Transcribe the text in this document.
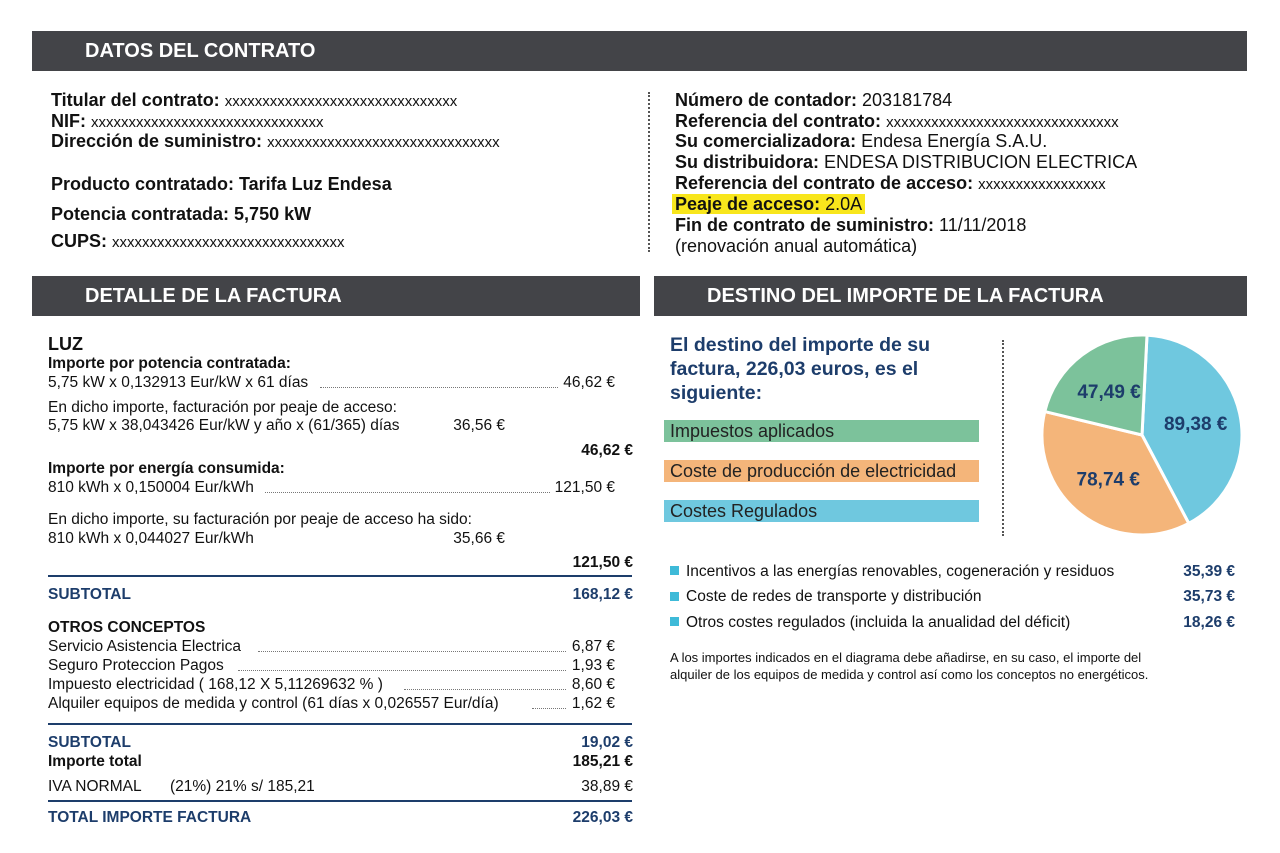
DATOS DEL CONTRATO
Titular del contrato: xxxxxxxxxxxxxxxxxxxxxxxxxxxxxxx
NIF: xxxxxxxxxxxxxxxxxxxxxxxxxxxxxxx
Dirección de suministro: xxxxxxxxxxxxxxxxxxxxxxxxxxxxxxx
Producto contratado: Tarifa Luz Endesa
Potencia contratada: 5,750 kW
CUPS: xxxxxxxxxxxxxxxxxxxxxxxxxxxxxxx
Número de contador: 203181784
Referencia del contrato: xxxxxxxxxxxxxxxxxxxxxxxxxxxxxxx
Su comercializadora: Endesa Energía S.A.U.
Su distribuidora: ENDESA DISTRIBUCION ELECTRICA
Referencia del contrato de acceso: xxxxxxxxxxxxxxxxx
Peaje de acceso: 2.0A
Fin de contrato de suministro: 11/11/2018
(renovación anual automática)
DETALLE DE LA FACTURA
LUZ
Importe por potencia contratada:
5,75 kW x 0,132913 Eur/kW x 61 días	46,62 €
En dicho importe, facturación por peaje de acceso:
5,75 kW x 38,043426 Eur/kW y año x (61/365) días	36,56 €
46,62 €
Importe por energía consumida:
810 kWh x 0,150004 Eur/kWh	121,50 €
En dicho importe, su facturación por peaje de acceso ha sido:
810 kWh x 0,044027 Eur/kWh	35,66 €
121,50 €
SUBTOTAL	168,12 €
OTROS CONCEPTOS
Servicio Asistencia Electrica	6,87 €
Seguro Proteccion Pagos	1,93 €
Impuesto electricidad ( 168,12 X 5,11269632 % )	8,60 €
Alquiler equipos de medida y control (61 días x 0,026557 Eur/día)	1,62 €
SUBTOTAL	19,02 €
Importe total	185,21 €
IVA NORMAL (21%) 21% s/ 185,21	38,89 €
TOTAL IMPORTE FACTURA	226,03 €
DESTINO DEL IMPORTE DE LA FACTURA
El destino del importe de su
factura, 226,03 euros, es el
siguiente:
Impuestos aplicados
Coste de producción de electricidad
Costes Regulados
89,38 €
78,74 €
47,49 €
Incentivos a las energías renovables, cogeneración y residuos	35,39 €
Coste de redes de transporte y distribución	35,73 €
Otros costes regulados (incluida la anualidad del déficit)	18,26 €
A los importes indicados en el diagrama debe añadirse, en su caso, el importe del
alquiler de los equipos de medida y control así como los conceptos no energéticos.
